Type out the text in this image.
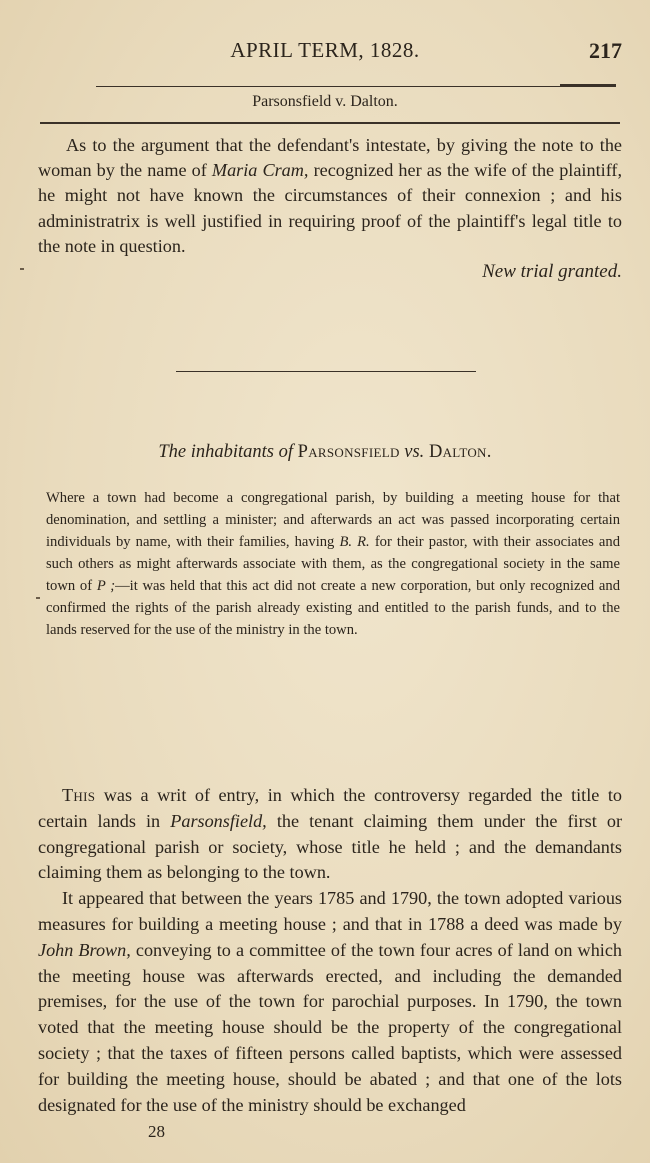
APRIL TERM, 1828.	217
Parsonsfield v. Dalton.
As to the argument that the defendant's intestate, by giving the note to the woman by the name of Maria Cram, recognized her as the wife of the plaintiff, he might not have known the circumstances of their connexion ; and his administratrix is well justified in requiring proof of the plaintiff's legal title to the note in question.
New trial granted.
The inhabitants of Parsonsfield vs. Dalton.

Where a town had become a congregational parish, by building a meeting house for that denomination, and settling a minister; and afterwards an act was passed incorporating certain individuals by name, with their families, having B. R. for their pastor, with their associates and such others as might afterwards associate with them, as the congregational society in the same town of P ;—it was held that this act did not create a new corporation, but only recognized and confirmed the rights of the parish already existing and entitled to the parish funds, and to the lands reserved for the use of the ministry in the town.

This was a writ of entry, in which the controversy regarded the title to certain lands in Parsonsfield, the tenant claiming them under the first or congregational parish or society, whose title he held ; and the demandants claiming them as belonging to the town.

It appeared that between the years 1785 and 1790, the town adopted various measures for building a meeting house ; and that in 1788 a deed was made by John Brown, conveying to a committee of the town four acres of land on which the meeting house was afterwards erected, and including the demanded premises, for the use of the town for parochial purposes. In 1790, the town voted that the meeting house should be the property of the congregational society ; that the taxes of fifteen persons called baptists, which were assessed for building the meeting house, should be abated ; and that one of the lots designated for the use of the ministry should be exchanged

28
